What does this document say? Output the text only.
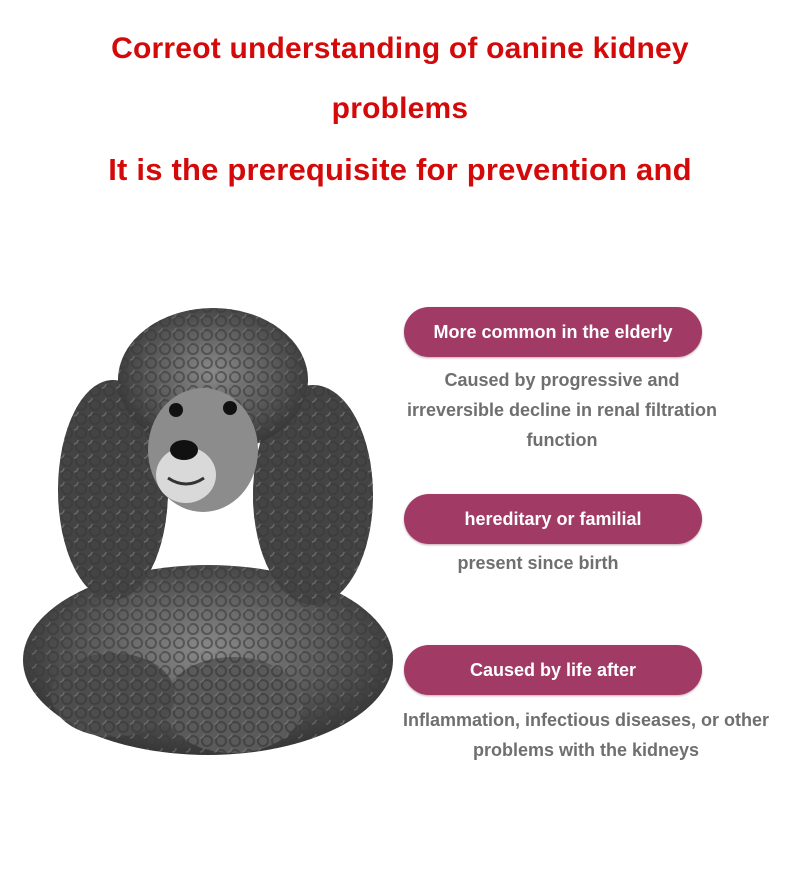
Correot understanding of oanine kidney
problems
It is the prerequisite for prevention and
More common in the elderly
Caused by progressive and irreversible decline in renal filtration function
hereditary or familial
present since birth
Caused by life after
Inflammation, infectious diseases, or other problems with the kidneys
